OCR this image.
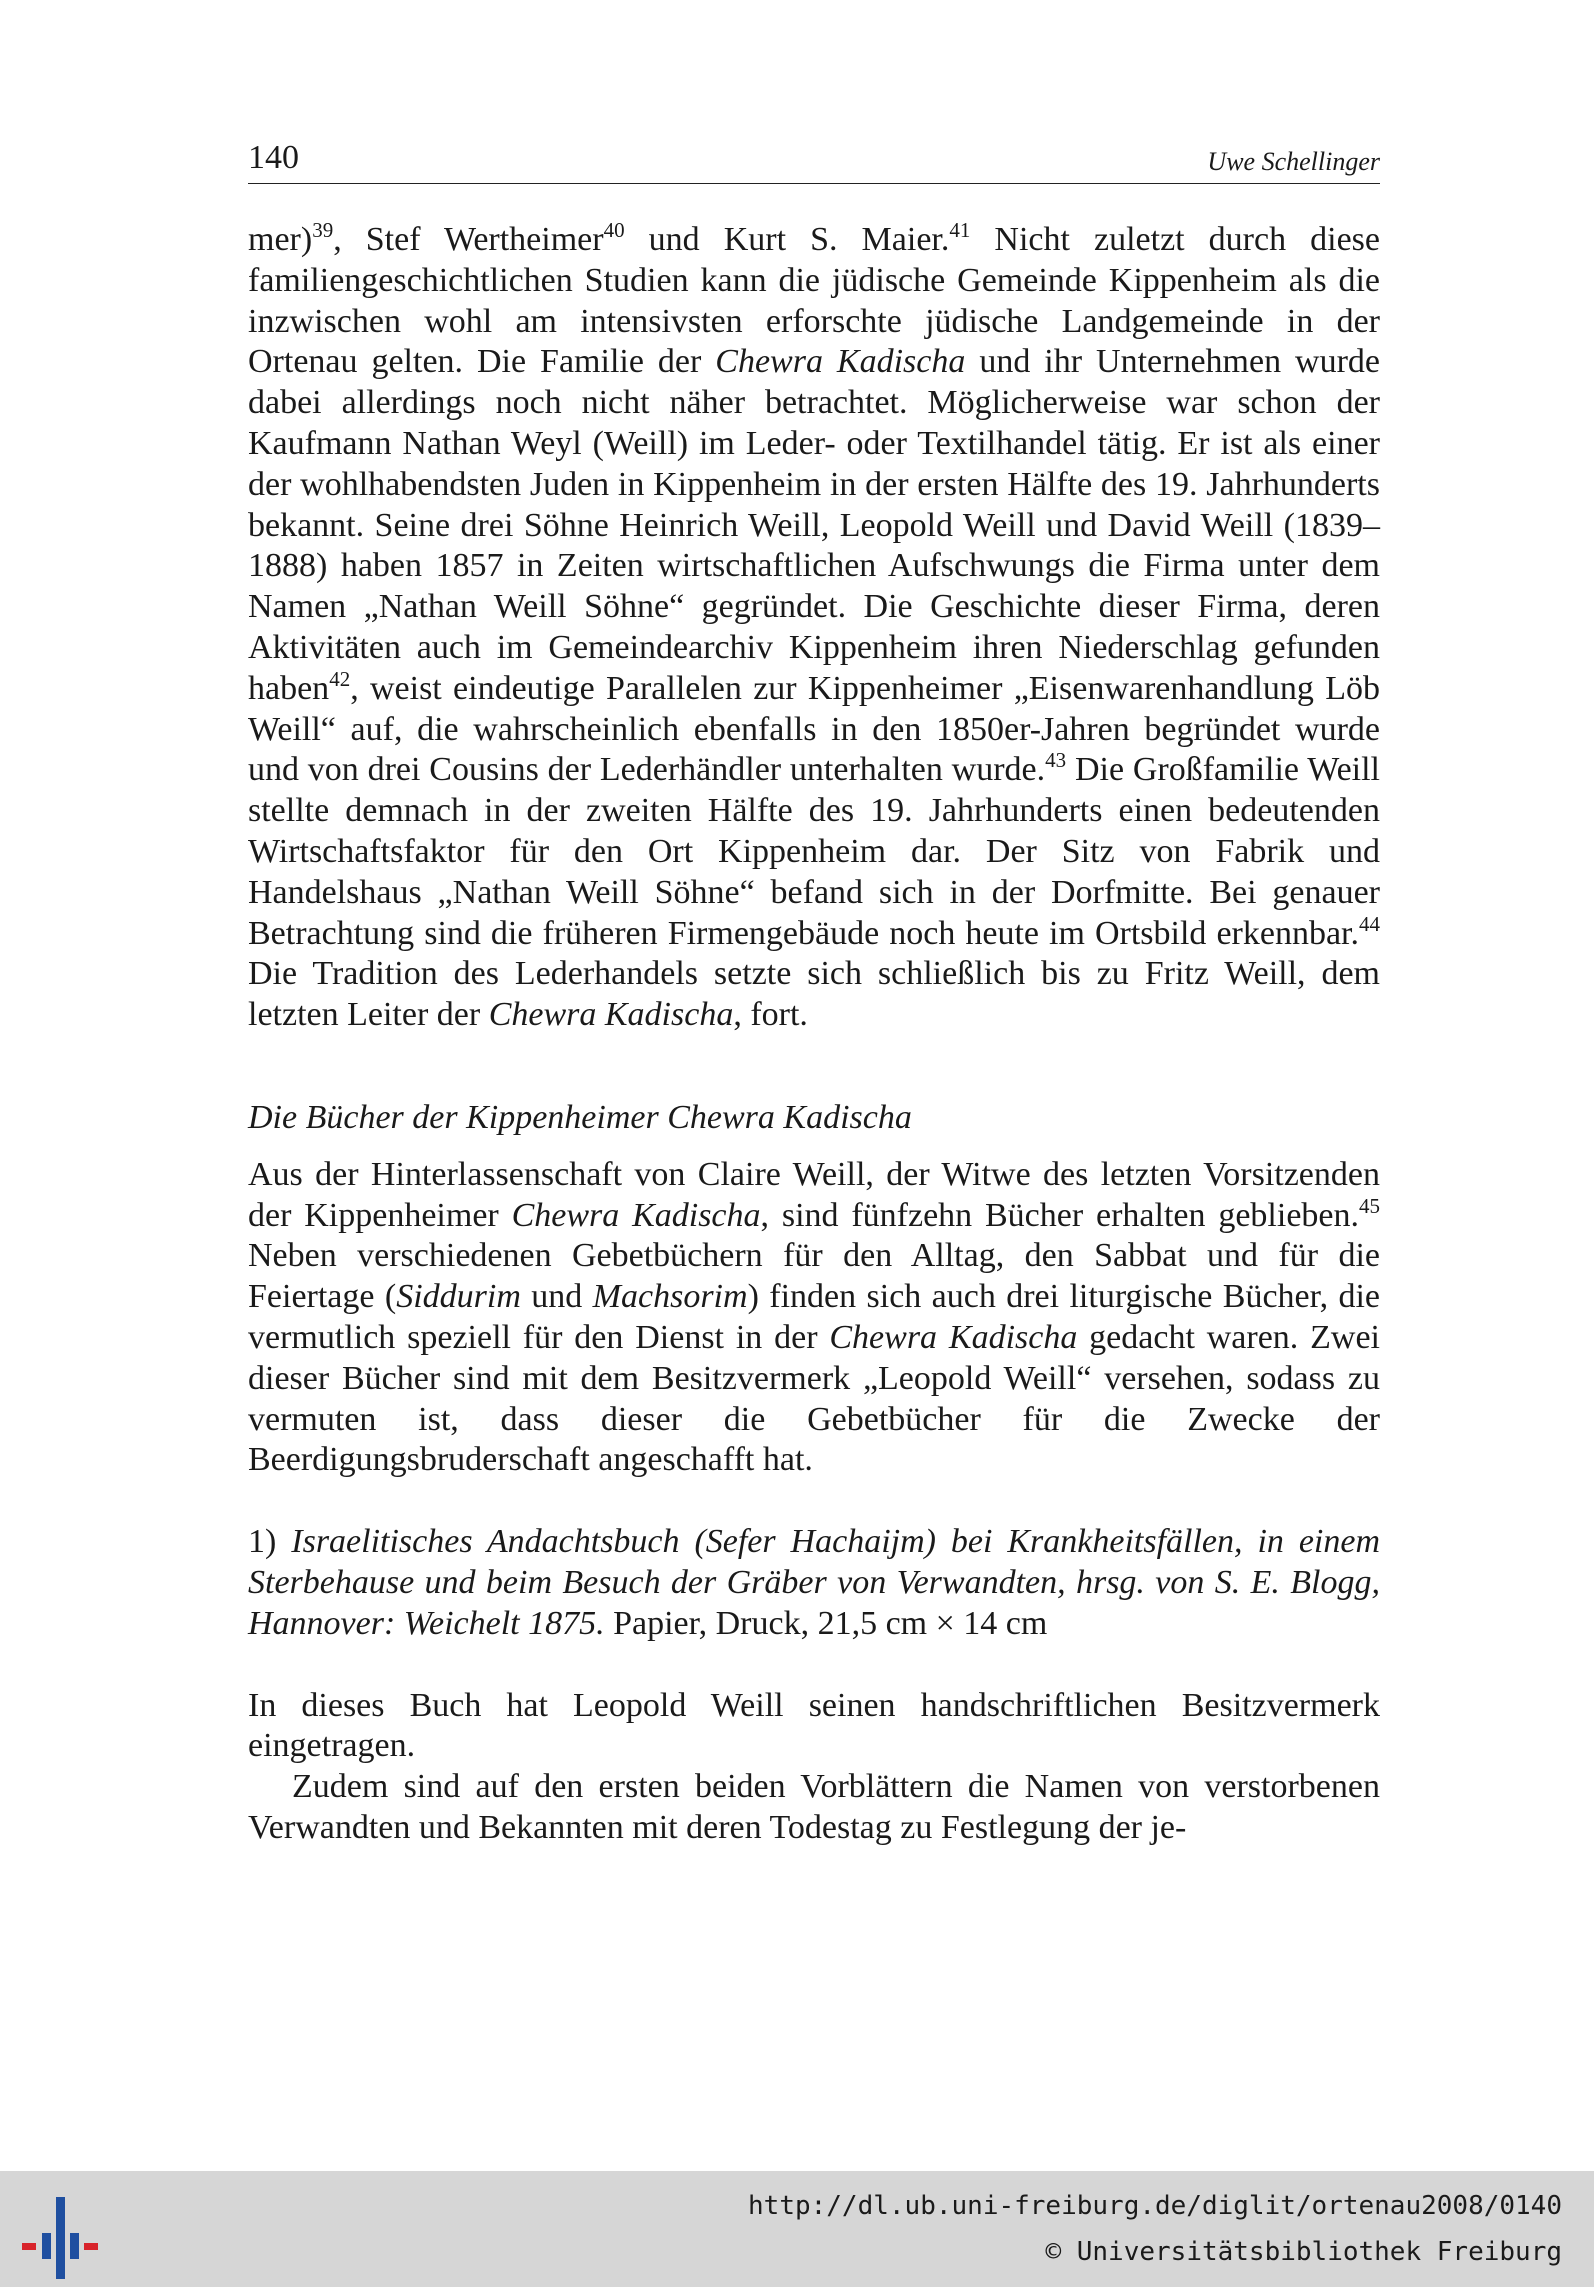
140	Uwe Schellinger

mer)$^{39}$, Stef Wertheimer$^{40}$ und Kurt S. Maier.$^{41}$ Nicht zuletzt durch diese familiengeschichtlichen Studien kann die jüdische Gemeinde Kippenheim als die inzwischen wohl am intensivsten erforschte jüdische Landgemeinde in der Ortenau gelten. Die Familie der Chewra Kadischa und ihr Unternehmen wurde dabei allerdings noch nicht näher betrachtet. Möglicherweise war schon der Kaufmann Nathan Weyl (Weill) im Leder- oder Textilhandel tätig. Er ist als einer der wohlhabendsten Juden in Kippenheim in der ersten Hälfte des 19. Jahrhunderts bekannt. Seine drei Söhne Heinrich Weill, Leopold Weill und David Weill (1839–1888) haben 1857 in Zeiten wirtschaftlichen Aufschwungs die Firma unter dem Namen „Nathan Weill Söhne“ gegründet. Die Geschichte dieser Firma, deren Aktivitäten auch im Gemeindearchiv Kippenheim ihren Niederschlag gefunden haben$^{42}$, weist eindeutige Parallelen zur Kippenheimer „Eisenwarenhandlung Löb Weill“ auf, die wahrscheinlich ebenfalls in den 1850er-Jahren begründet wurde und von drei Cousins der Lederhändler unterhalten wurde.$^{43}$ Die Großfamilie Weill stellte demnach in der zweiten Hälfte des 19. Jahrhunderts einen bedeutenden Wirtschaftsfaktor für den Ort Kippenheim dar. Der Sitz von Fabrik und Handelshaus „Nathan Weill Söhne“ befand sich in der Dorfmitte. Bei genauer Betrachtung sind die früheren Firmengebäude noch heute im Ortsbild erkennbar.$^{44}$ Die Tradition des Lederhandels setzte sich schließlich bis zu Fritz Weill, dem letzten Leiter der Chewra Kadischa, fort.

Die Bücher der Kippenheimer Chewra Kadischa

Aus der Hinterlassenschaft von Claire Weill, der Witwe des letzten Vorsitzenden der Kippenheimer Chewra Kadischa, sind fünfzehn Bücher erhalten geblieben.$^{45}$ Neben verschiedenen Gebetbüchern für den Alltag, den Sabbat und für die Feiertage (Siddurim und Machsorim) finden sich auch drei liturgische Bücher, die vermutlich speziell für den Dienst in der Chewra Kadischa gedacht waren. Zwei dieser Bücher sind mit dem Besitzvermerk „Leopold Weill“ versehen, sodass zu vermuten ist, dass dieser die Gebetbücher für die Zwecke der Beerdigungsbruderschaft angeschafft hat.

1) Israelitisches Andachtsbuch (Sefer Hachaijm) bei Krankheitsfällen, in einem Sterbehause und beim Besuch der Gräber von Verwandten, hrsg. von S. E. Blogg, Hannover: Weichelt 1875. Papier, Druck, 21,5 cm × 14 cm

In dieses Buch hat Leopold Weill seinen handschriftlichen Besitzvermerk eingetragen.

Zudem sind auf den ersten beiden Vorblättern die Namen von verstorbenen Verwandten und Bekannten mit deren Todestag zu Festlegung der je-

http://dl.ub.uni-freiburg.de/diglit/ortenau2008/0140
© Universitätsbibliothek Freiburg
